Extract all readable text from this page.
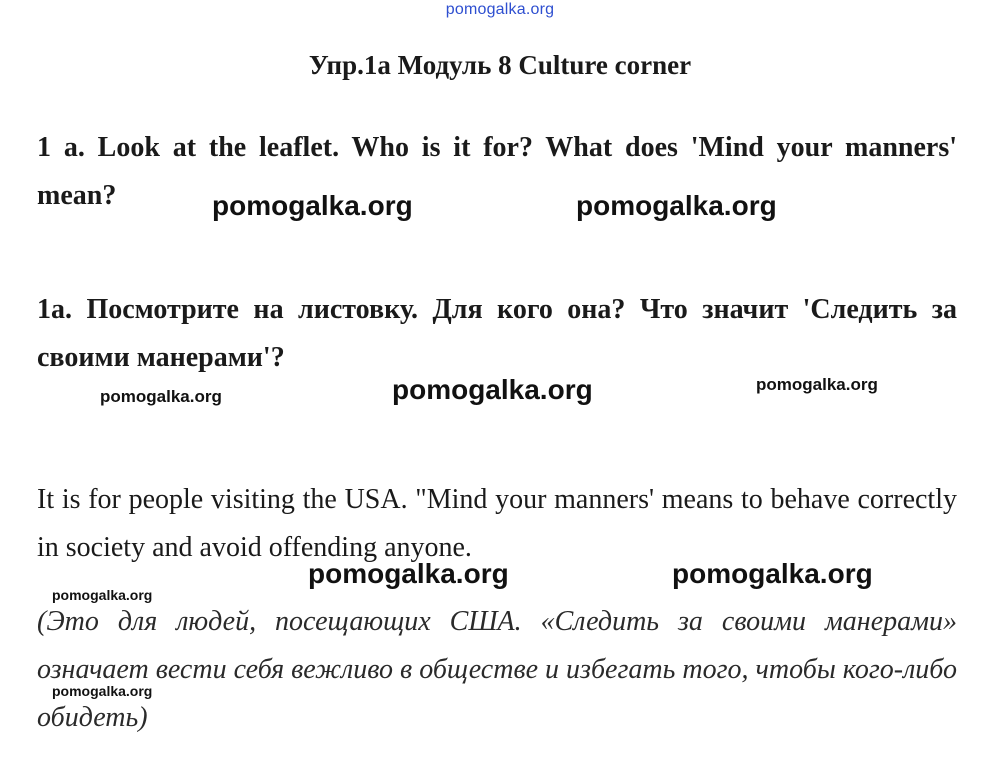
pomogalka.org
Упр.1а Модуль 8 Culture corner

1 a. Look at the leaflet. Who is it for? What does 'Mind your manners' mean?

1a. Посмотрите на листовку. Для кого она? Что значит 'Следить за своими манерами'?

It is for people visiting the USA. "Mind your manners' means to behave correctly in society and avoid offending anyone.

(Это для людей, посещающих США. «Следить за своими манерами» означает вести себя вежливо в обществе и избегать того, чтобы кого-либо обидеть)

pomogalka.org	pomogalka.org
pomogalka.org	pomogalka.org	pomogalka.org
pomogalka.org	pomogalka.org
pomogalka.org
pomogalka.org
